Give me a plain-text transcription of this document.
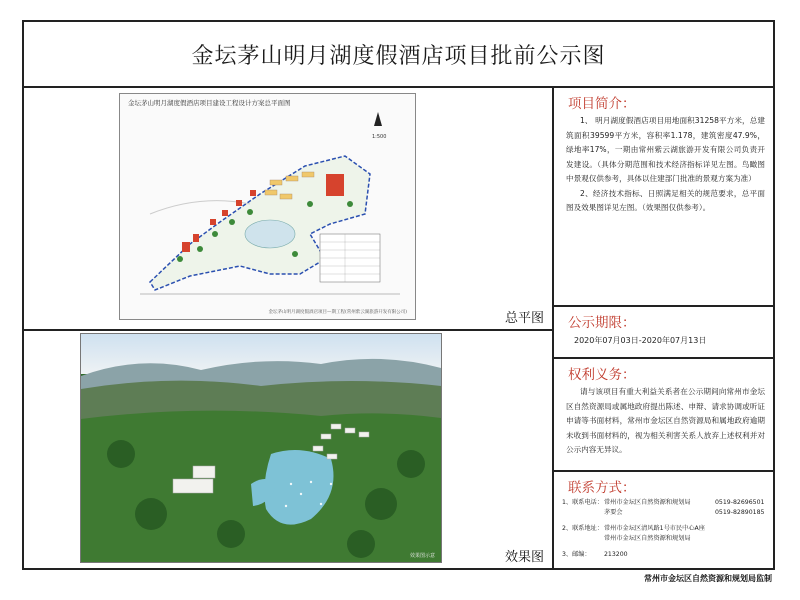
金坛茅山明月湖度假酒店项目批前公示图
金坛茅山明月湖度假酒店项目建设工程设计方案总平面图
1:500
金坛茅山明月湖度假酒店项目—期工程(常州紫云湖旅游开发有限公司)	总平图
效果图示意	效果图
项目简介：

1、 明月湖度假酒店项目用地面积31258平方米，总建筑面积39599平方米，容积率1.178，建筑密度47.9%，绿地率17%，一期由常州紫云湖旅游开发有限公司负责开发建设。（具体分期范围和技术经济指标详见左图。鸟瞰图中景观仅供参考，具体以住建部门批准的景观方案为准）

2、经济技术指标、日照满足相关的规范要求，总平面图及效果图详见左图。（效果图仅供参考）。

公示期限：
2020年07月03日-2020年07月13日
权利义务：

请与该项目有重大利益关系者在公示期间向常州市金坛区自然资源局或属地政府提出陈述、申辩、请求协调或听证申请等书面材料，常州市金坛区自然资源局和属地政府逾期未收到书面材料的，视为相关利害关系人放弃上述权利并对公示内容无异议。

联系方式：
1、联系电话： 常州市金坛区自然资源和规划局	0519-82696501
茅要会	0519-82890185
2、联系地址： 常州市金坛区清风路1号市民中心A座
常州市金坛区自然资源和规划局
3、邮编：	213200
常州市金坛区自然资源和规划局监制
